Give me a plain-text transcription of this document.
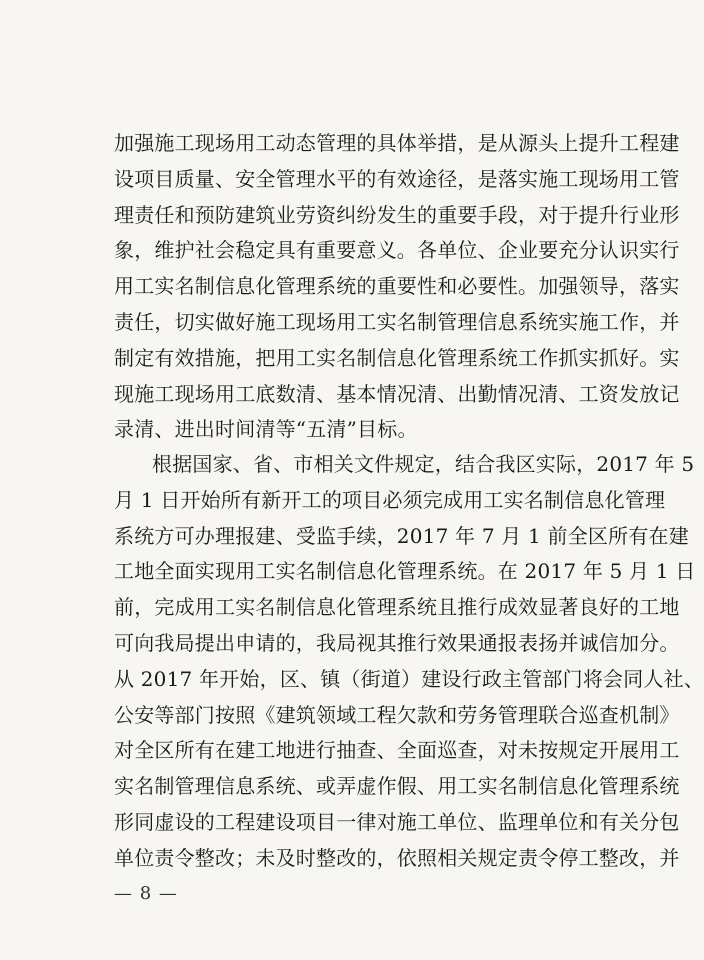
加强施工现场用工动态管理的具体举措，是从源头上提升工程建
设项目质量、安全管理水平的有效途径，是落实施工现场用工管
理责任和预防建筑业劳资纠纷发生的重要手段，对于提升行业形
象，维护社会稳定具有重要意义。各单位、企业要充分认识实行
用工实名制信息化管理系统的重要性和必要性。加强领导，落实
责任，切实做好施工现场用工实名制管理信息系统实施工作，并
制定有效措施，把用工实名制信息化管理系统工作抓实抓好。实
现施工现场用工底数清、基本情况清、出勤情况清、工资发放记
录清、进出时间清等“五清”目标。
根据国家、省、市相关文件规定，结合我区实际，2017 年 5
月 1 日开始所有新开工的项目必须完成用工实名制信息化管理
系统方可办理报建、受监手续，2017 年 7 月 1 前全区所有在建
工地全面实现用工实名制信息化管理系统。在 2017 年 5 月 1 日
前，完成用工实名制信息化管理系统且推行成效显著良好的工地
可向我局提出申请的，我局视其推行效果通报表扬并诚信加分。
从 2017 年开始，区、镇（街道）建设行政主管部门将会同人社、
公安等部门按照《建筑领域工程欠款和劳务管理联合巡查机制》
对全区所有在建工地进行抽查、全面巡查，对未按规定开展用工
实名制管理信息系统、或弄虚作假、用工实名制信息化管理系统
形同虚设的工程建设项目一律对施工单位、监理单位和有关分包
单位责令整改；未及时整改的，依照相关规定责令停工整改，并
— 8 —
